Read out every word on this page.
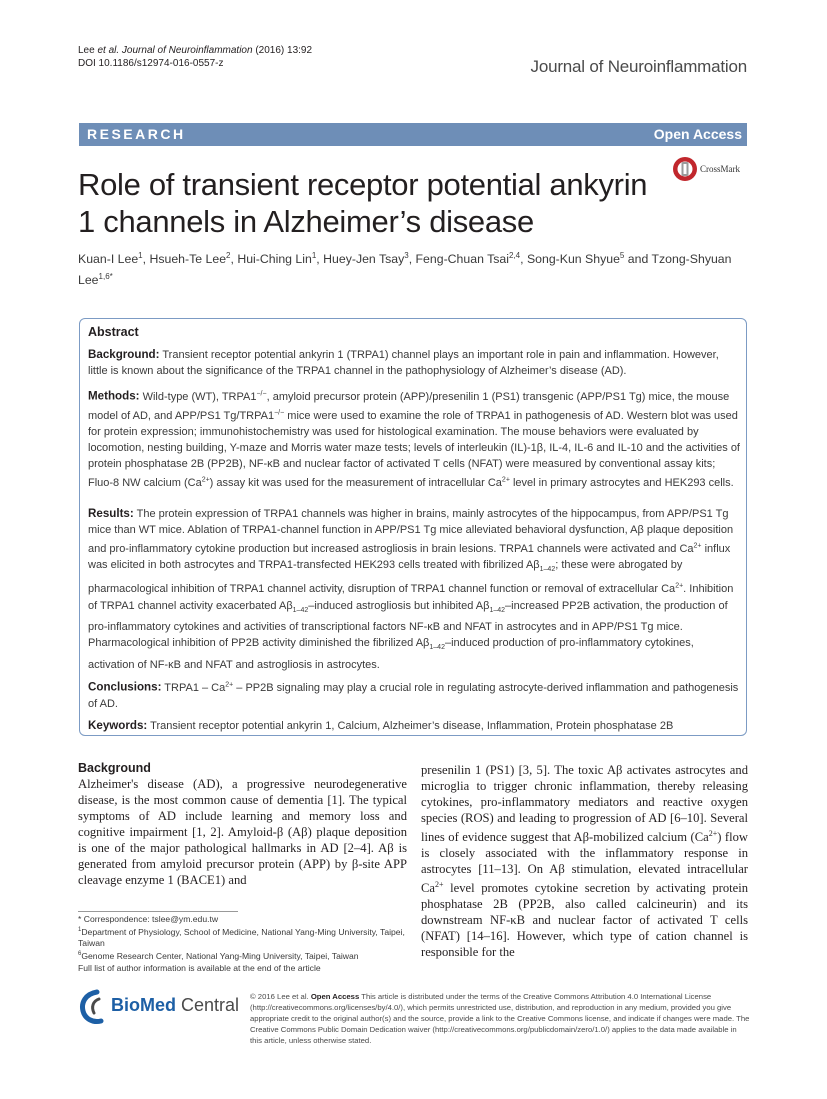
Lee et al. Journal of Neuroinflammation (2016) 13:92
DOI 10.1186/s12974-016-0557-z	Journal of Neuroinflammation
RESEARCH	Open Access
CrossMark
Role of transient receptor potential ankyrin 1 channels in Alzheimer’s disease
Kuan-I Lee$^1$, Hsueh-Te Lee$^2$, Hui-Ching Lin$^1$, Huey-Jen Tsay$^3$, Feng-Chuan Tsai$^{2,4}$, Song-Kun Shyue$^5$ and Tzong-Shyuan Lee$^{1,6*}$
Abstract
Background: Transient receptor potential ankyrin 1 (TRPA1) channel plays an important role in pain and inflammation. However, little is known about the significance of the TRPA1 channel in the pathophysiology of Alzheimer’s disease (AD).
Methods: Wild-type (WT), TRPA1−/−, amyloid precursor protein (APP)/presenilin 1 (PS1) transgenic (APP/PS1 Tg) mice, the mouse model of AD, and APP/PS1 Tg/TRPA1−/− mice were used to examine the role of TRPA1 in pathogenesis of AD. Western blot was used for protein expression; immunohistochemistry was used for histological examination. The mouse behaviors were evaluated by locomotion, nesting building, Y-maze and Morris water maze tests; levels of interleukin (IL)-1β, IL-4, IL-6 and IL-10 and the activities of protein phosphatase 2B (PP2B), NF-κB and nuclear factor of activated T cells (NFAT) were measured by conventional assay kits; Fluo-8 NW calcium $(Ca^{2+})$ assay kit was used for the measurement of intracellular $Ca^{2+}$ level in primary astrocytes and HEK293 cells.
Results: The protein expression of TRPA1 channels was higher in brains, mainly astrocytes of the hippocampus, from APP/PS1 Tg mice than WT mice. Ablation of TRPA1-channel function in APP/PS1 Tg mice alleviated behavioral dysfunction, Aβ plaque deposition and pro-inflammatory cytokine production but increased astrogliosis in brain lesions. TRPA1 channels were activated and $Ca^{2+}$ influx was elicited in both astrocytes and TRPA1-transfected HEK293 cells treated with fibrilized $A\beta_{1-42}$; these were abrogated by pharmacological inhibition of TRPA1 channel activity, disruption of TRPA1 channel function or removal of extracellular $Ca^{2+}$. Inhibition of TRPA1 channel activity exacerbated $A\beta_{1-42}$–induced astrogliosis but inhibited $A\beta_{1-42}$–increased PP2B activation, the production of pro-inflammatory cytokines and activities of transcriptional factors NF-κB and NFAT in astrocytes and in APP/PS1 Tg mice. Pharmacological inhibition of PP2B activity diminished the fibrilized $A\beta_{1-42}$–induced production of pro-inflammatory cytokines, activation of NF-κB and NFAT and astrogliosis in astrocytes.
Conclusions: TRPA1 – $Ca^{2+} - PP2B$ signaling may play a crucial role in regulating astrocyte-derived inflammation and pathogenesis of AD.
Keywords: Transient receptor potential ankyrin 1, Calcium, Alzheimer’s disease, Inflammation, Protein phosphatase 2B
Background
Alzheimer's disease (AD), a progressive neurodegenerative disease, is the most common cause of dementia [1]. The typical symptoms of AD include learning and memory loss and cognitive impairment [1, 2]. Amyloid-β (Aβ) plaque deposition is one of the major pathological hallmarks in AD [2–4]. Aβ is generated from amyloid precursor protein (APP) by β-site APP cleavage enzyme 1 (BACE1) and
presenilin 1 (PS1) [3, 5]. The toxic Aβ activates astrocytes and microglia to trigger chronic inflammation, thereby releasing cytokines, pro-inflammatory mediators and reactive oxygen species (ROS) and leading to progression of AD [6–10]. Several lines of evidence suggest that Aβ-mobilized calcium $(Ca^{2+})$ flow is closely associated with the inflammatory response in astrocytes [11–13]. On Aβ stimulation, elevated intracellular $Ca^{2+}$ level promotes cytokine secretion by activating protein phosphatase 2B (PP2B, also called calcineurin) and its downstream NF-κB and nuclear factor of activated T cells (NFAT) [14–16]. However, which type of cation channel is responsible for the
* Correspondence: tslee@ym.edu.tw
$^1$Department of Physiology, School of Medicine, National Yang-Ming University, Taipei, Taiwan
$^6$Genome Research Center, National Yang-Ming University, Taipei, Taiwan
Full list of author information is available at the end of the article
BioMed Central © 2016 Lee et al. Open Access This article is distributed under the terms of the Creative Commons Attribution 4.0 International License (http://creativecommons.org/licenses/by/4.0/), which permits unrestricted use, distribution, and reproduction in any medium, provided you give appropriate credit to the original author(s) and the source, provide a link to the Creative Commons license, and indicate if changes were made. The Creative Commons Public Domain Dedication waiver (http://creativecommons.org/publicdomain/zero/1.0/) applies to the data made available in this article, unless otherwise stated.
